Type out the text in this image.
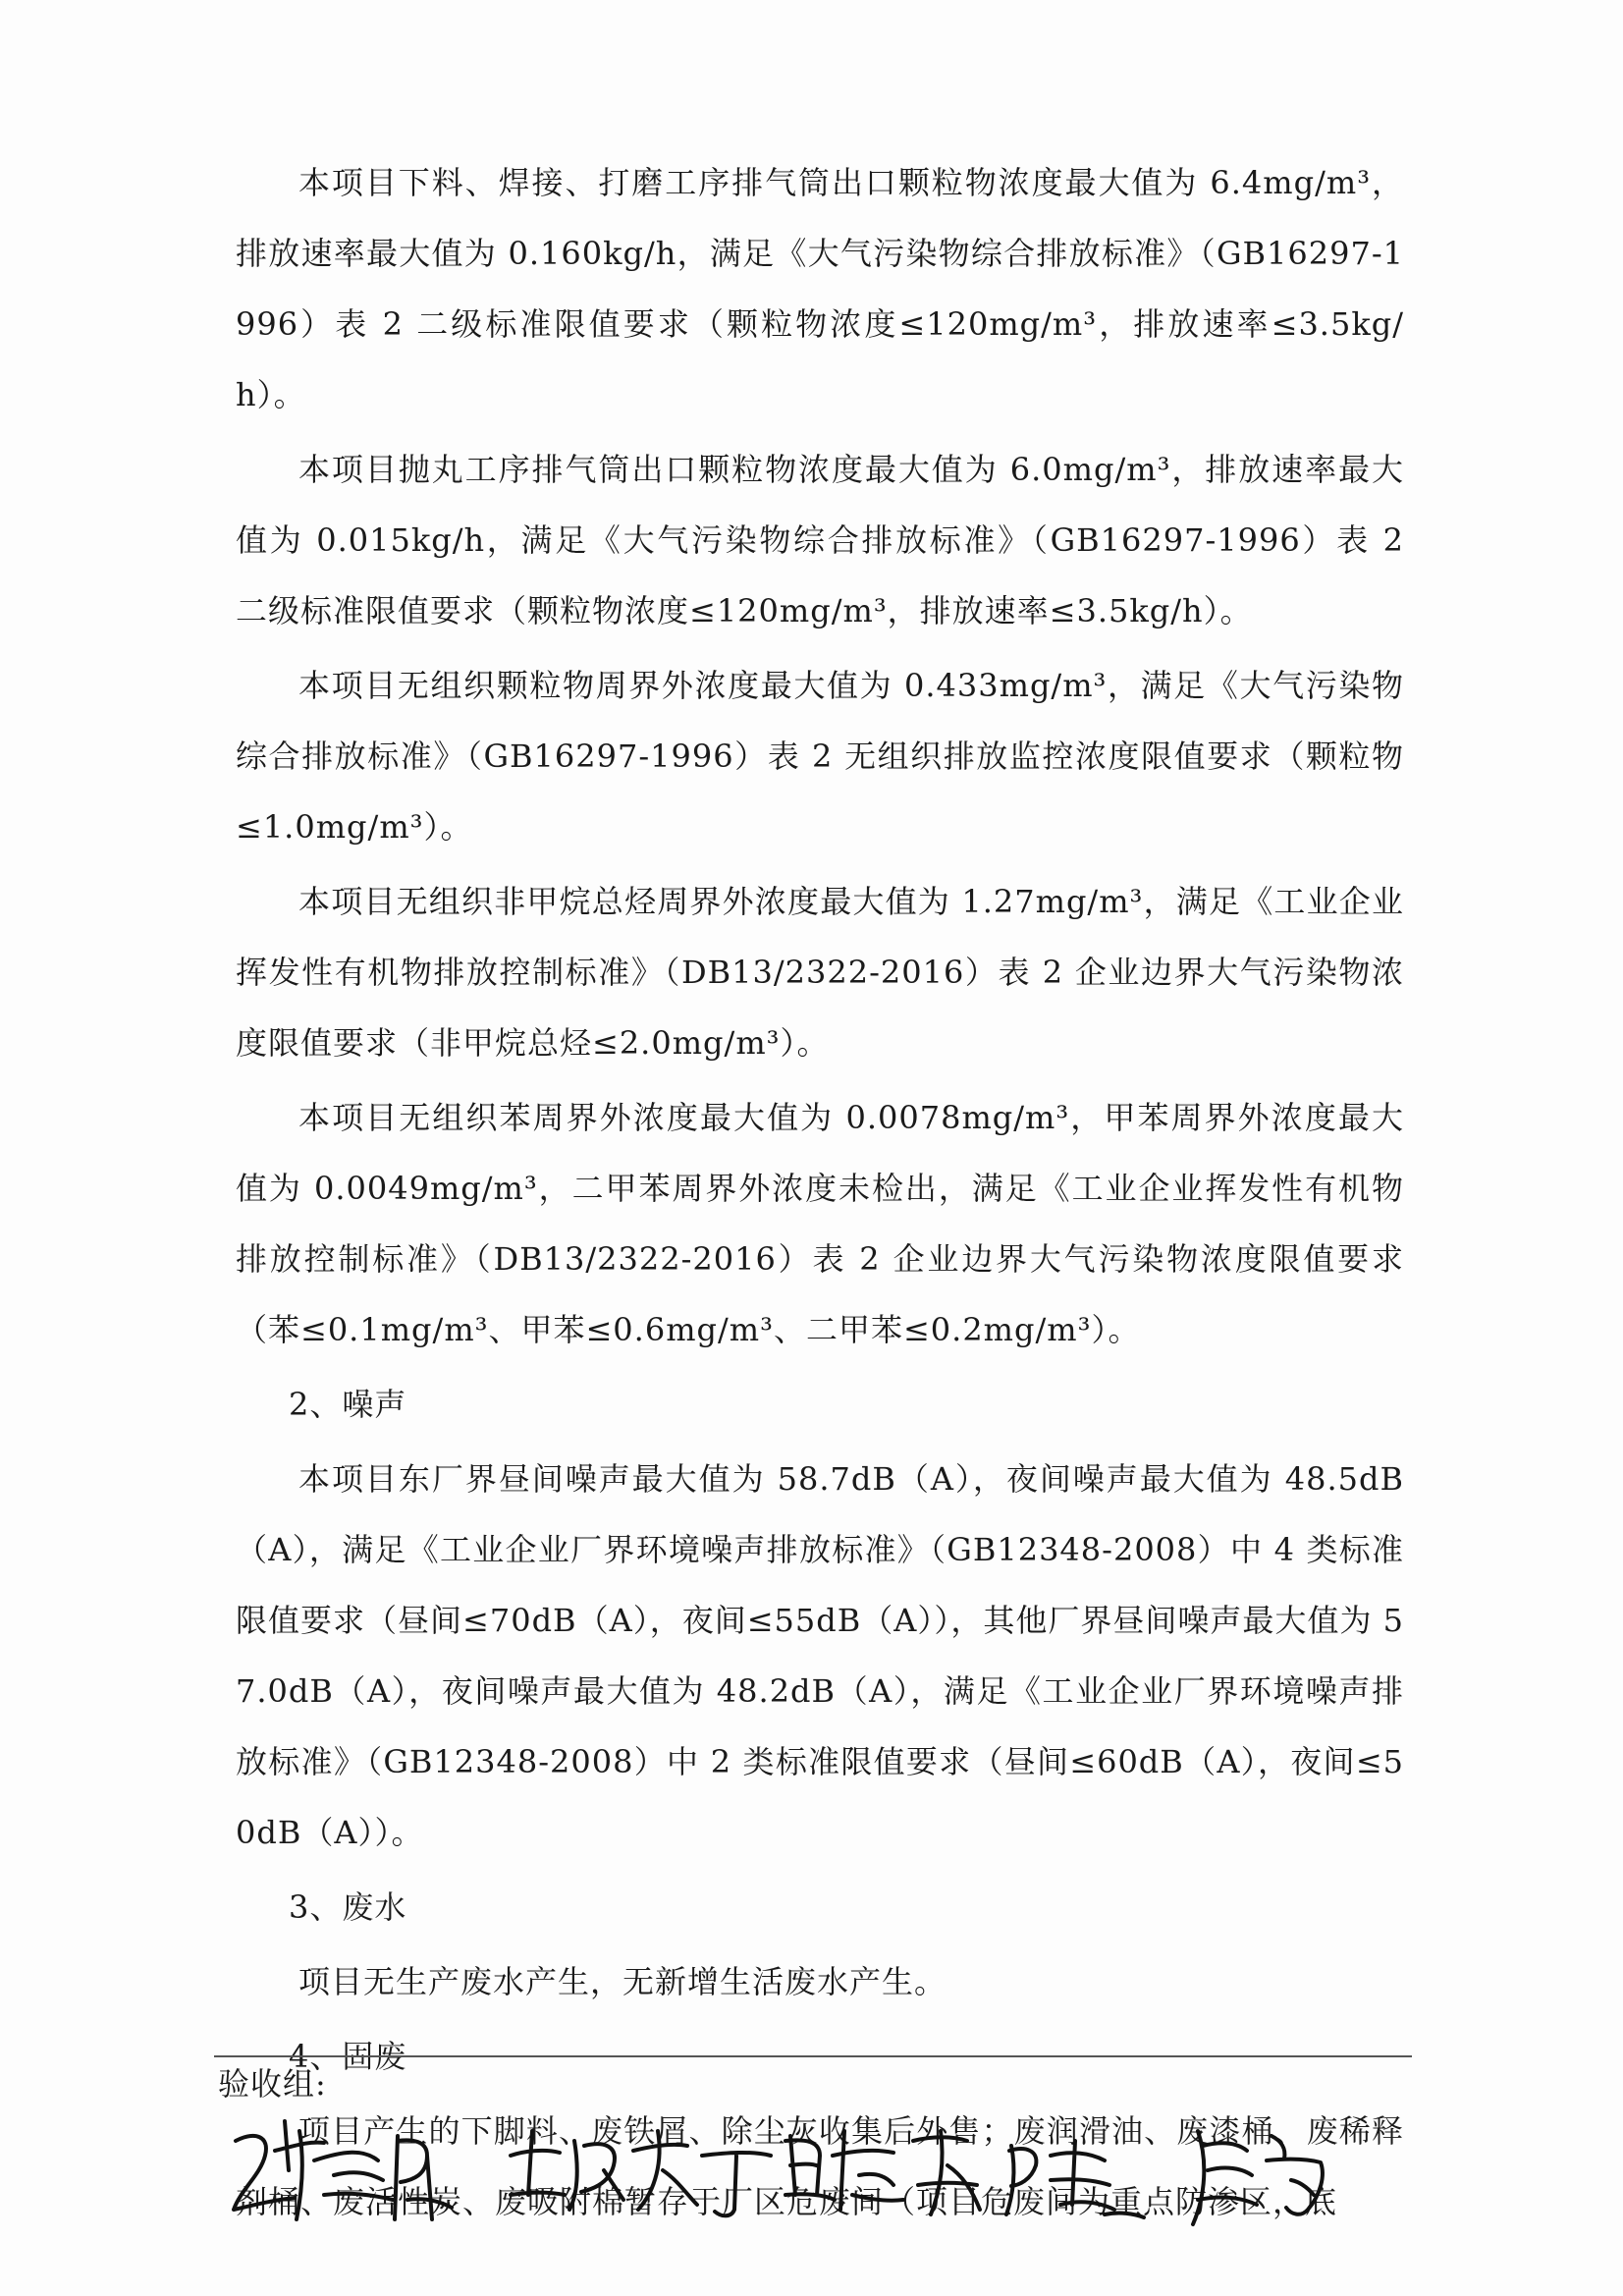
本项目下料、焊接、打磨工序排气筒出口颗粒物浓度最大值为 6.4mg/m³，排放速率最大值为 0.160kg/h，满足《大气污染物综合排放标准》（GB16297-1996）表 2 二级标准限值要求（颗粒物浓度≤120mg/m³，排放速率≤3.5kg/h）。

本项目抛丸工序排气筒出口颗粒物浓度最大值为 6.0mg/m³，排放速率最大值为 0.015kg/h，满足《大气污染物综合排放标准》（GB16297-1996）表 2 二级标准限值要求（颗粒物浓度≤120mg/m³，排放速率≤3.5kg/h）。

本项目无组织颗粒物周界外浓度最大值为 0.433mg/m³，满足《大气污染物综合排放标准》（GB16297-1996）表 2 无组织排放监控浓度限值要求（颗粒物≤1.0mg/m³）。

本项目无组织非甲烷总烃周界外浓度最大值为 1.27mg/m³，满足《工业企业挥发性有机物排放控制标准》（DB13/2322-2016）表 2 企业边界大气污染物浓度限值要求（非甲烷总烃≤2.0mg/m³）。

本项目无组织苯周界外浓度最大值为 0.0078mg/m³，甲苯周界外浓度最大值为 0.0049mg/m³，二甲苯周界外浓度未检出，满足《工业企业挥发性有机物排放控制标准》（DB13/2322-2016）表 2 企业边界大气污染物浓度限值要求（苯≤0.1mg/m³、甲苯≤0.6mg/m³、二甲苯≤0.2mg/m³）。

2、噪声

本项目东厂界昼间噪声最大值为 58.7dB（A），夜间噪声最大值为 48.5dB（A），满足《工业企业厂界环境噪声排放标准》（GB12348-2008）中 4 类标准限值要求（昼间≤70dB（A），夜间≤55dB（A）），其他厂界昼间噪声最大值为 57.0dB（A），夜间噪声最大值为 48.2dB（A），满足《工业企业厂界环境噪声排放标准》（GB12348-2008）中 2 类标准限值要求（昼间≤60dB（A），夜间≤50dB（A））。

3、废水

项目无生产废水产生，无新增生活废水产生。

4、固废

项目产生的下脚料、废铁屑、除尘灰收集后外售；废润滑油、废漆桶、废稀释剂桶、废活性炭、废吸附棉暂存于厂区危废间（项目危废间为重点防渗区，底

验收组:
